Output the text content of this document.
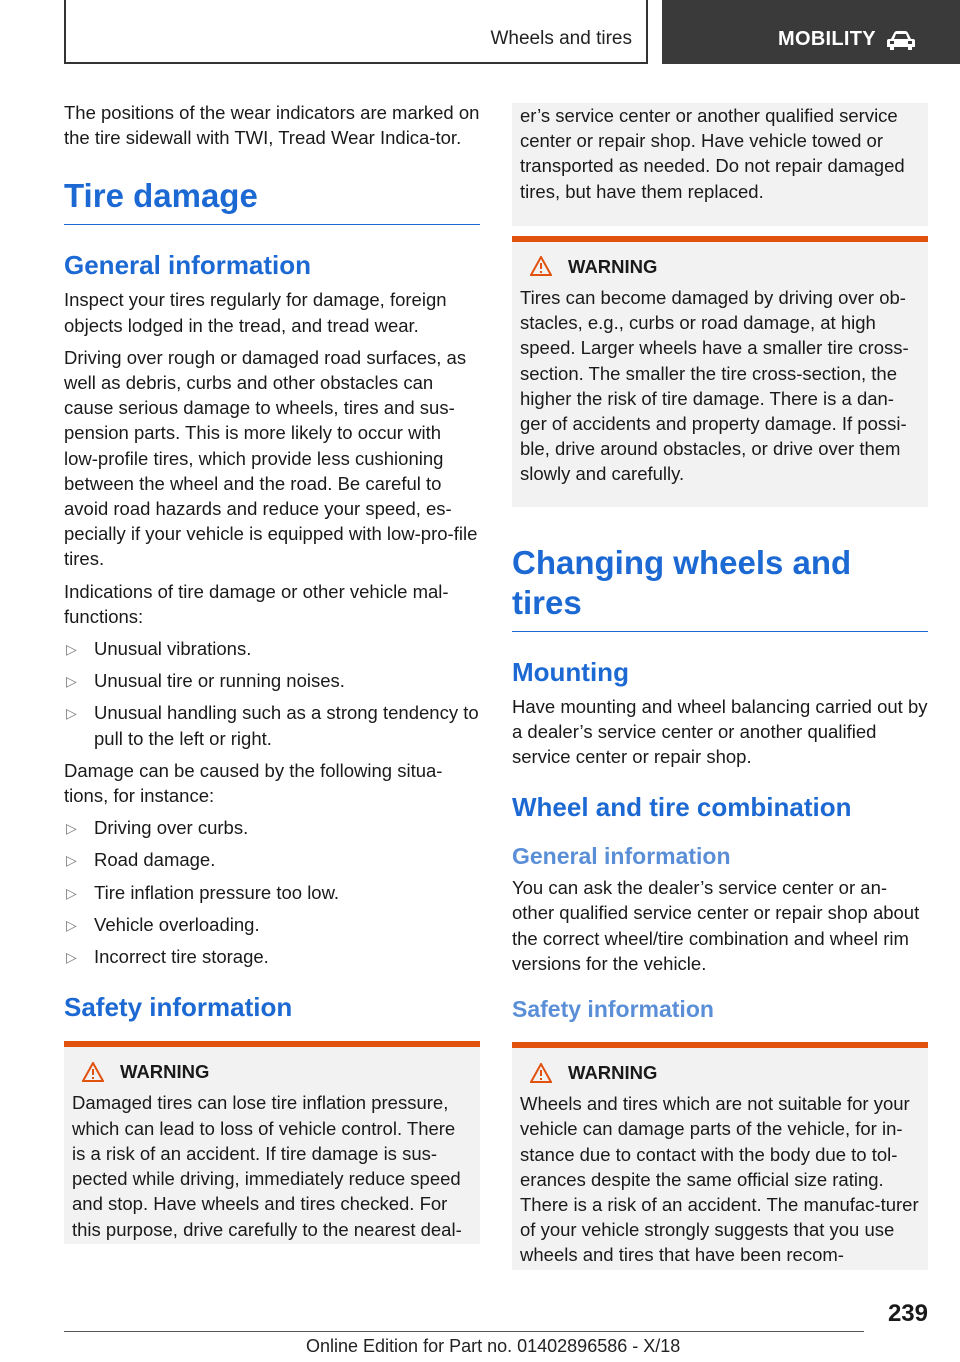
Wheels and tires	MOBILITY

The positions of the wear indicators are marked on the tire sidewall with TWI, Tread Wear Indica-tor.

Tire damage
General information

Inspect your tires regularly for damage, foreign objects lodged in the tread, and tread wear.

Driving over rough or damaged road surfaces, as well as debris, curbs and other obstacles can cause serious damage to wheels, tires and sus-pension parts. This is more likely to occur with low-profile tires, which provide less cushioning between the wheel and the road. Be careful to avoid road hazards and reduce your speed, es-pecially if your vehicle is equipped with low-pro-file tires.

Indications of tire damage or other vehicle mal-functions:

▷ Unusual vibrations.
▷ Unusual tire or running noises.
▷ Unusual handling such as a strong tendency to pull to the left or right.

Damage can be caused by the following situa-tions, for instance:

▷ Driving over curbs.
▷ Road damage.
▷ Tire inflation pressure too low.
▷ Vehicle overloading.
▷ Incorrect tire storage.
Safety information
WARNING
Damaged tires can lose tire inflation pressure, which can lead to loss of vehicle control. There is a risk of an accident. If tire damage is sus-pected while driving, immediately reduce speed and stop. Have wheels and tires checked. For this purpose, drive carefully to the nearest deal-
er’s service center or another qualified service center or repair shop. Have vehicle towed or transported as needed. Do not repair damaged tires, but have them replaced.
WARNING
Tires can become damaged by driving over ob-stacles, e.g., curbs or road damage, at high speed. Larger wheels have a smaller tire cross-section. The smaller the tire cross-section, the higher the risk of tire damage. There is a dan-ger of accidents and property damage. If possi-ble, drive around obstacles, or drive over them slowly and carefully.
Changing wheels and tires
Mounting

Have mounting and wheel balancing carried out by a dealer’s service center or another qualified service center or repair shop.

Wheel and tire combination
General information

You can ask the dealer’s service center or an-other qualified service center or repair shop about the correct wheel/tire combination and wheel rim versions for the vehicle.

Safety information
WARNING
Wheels and tires which are not suitable for your vehicle can damage parts of the vehicle, for in-stance due to contact with the body due to tol-erances despite the same official size rating. There is a risk of an accident. The manufac-turer of your vehicle strongly suggests that you use wheels and tires that have been recom-
239
Online Edition for Part no. 01402896586 - X/18
